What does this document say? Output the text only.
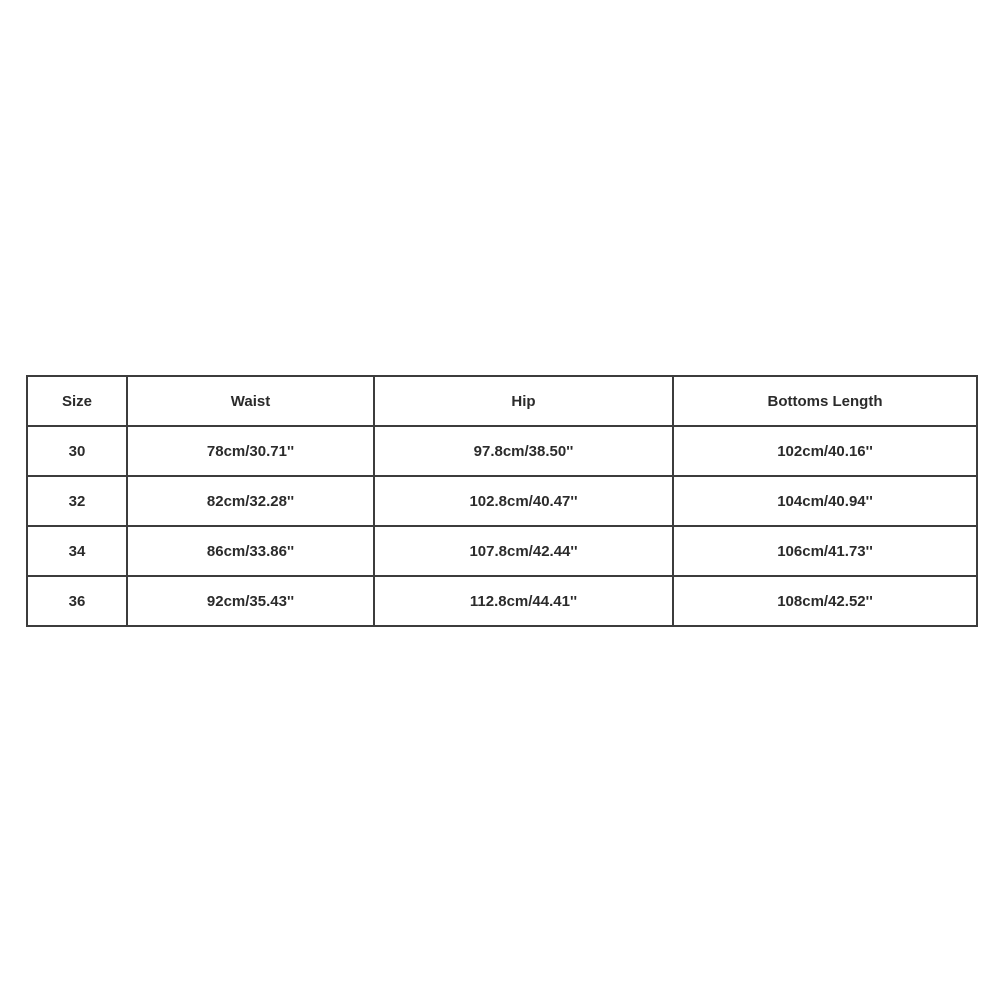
Size	Waist	Hip	Bottoms Length
30	78cm/30.71''	97.8cm/38.50''	102cm/40.16''
32	82cm/32.28''	102.8cm/40.47''	104cm/40.94''
34	86cm/33.86''	107.8cm/42.44''	106cm/41.73''
36	92cm/35.43''	112.8cm/44.41''	108cm/42.52''
